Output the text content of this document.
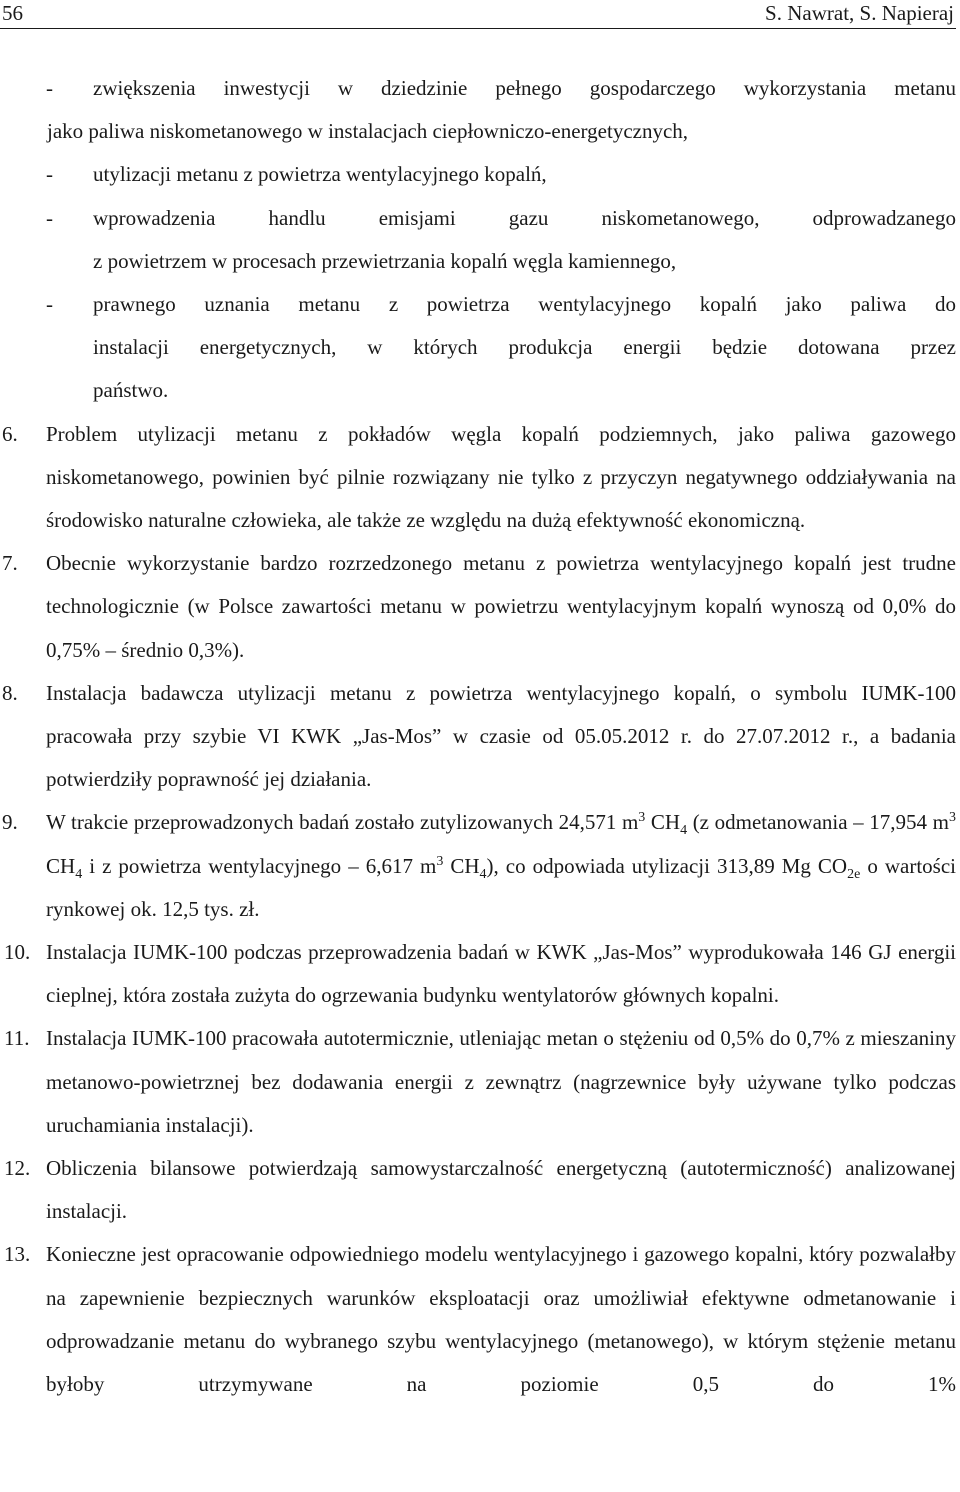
56	S. Nawrat, S. Napieraj
- zwiększenia inwestycji w dziedzinie pełnego gospodarczego wykorzystania metanu
jako paliwa niskometanowego w instalacjach ciepłowniczo-energetycznych,
- utylizacji metanu z powietrza wentylacyjnego kopalń,
- wprowadzenia handlu emisjami gazu niskometanowego, odprowadzanego
z powietrzem w procesach przewietrzania kopalń węgla kamiennego,
- prawnego uznania metanu z powietrza wentylacyjnego kopalń jako paliwa do
instalacji energetycznych, w których produkcja energii będzie dotowana przez
państwo.
6. Problem utylizacji metanu z pokładów węgla kopalń podziemnych, jako paliwa gazowego niskometanowego, powinien być pilnie rozwiązany nie tylko z przyczyn negatywnego oddziaływania na środowisko naturalne człowieka, ale także ze względu na dużą efektywność ekonomiczną.
7. Obecnie wykorzystanie bardzo rozrzedzonego metanu z powietrza wentylacyjnego kopalń jest trudne technologicznie (w Polsce zawartości metanu w powietrzu wentylacyjnym kopalń wynoszą od 0,0% do 0,75% – średnio 0,3%).
8. Instalacja badawcza utylizacji metanu z powietrza wentylacyjnego kopalń, o symbolu IUMK-100 pracowała przy szybie VI KWK „Jas-Mos” w czasie od 05.05.2012 r. do 27.07.2012 r., a badania potwierdziły poprawność jej działania.
9. W trakcie przeprowadzonych badań zostało zutylizowanych 24,571 $m^3$ $CH_4$ (z odmetanowania – 17,954 $m^3$ $CH_4$ i z powietrza wentylacyjnego – 6,617 $m^3$ $CH_4$), co odpowiada utylizacji 313,89 Mg $CO_{2e}$ o wartości rynkowej ok. 12,5 tys. zł.
10. Instalacja IUMK-100 podczas przeprowadzenia badań w KWK „Jas-Mos” wyprodukowała 146 GJ energii cieplnej, która została zużyta do ogrzewania budynku wentylatorów głównych kopalni.
11. Instalacja IUMK-100 pracowała autotermicznie, utleniając metan o stężeniu od 0,5% do 0,7% z mieszaniny metanowo-powietrznej bez dodawania energii z zewnątrz (nagrzewnice były używane tylko podczas uruchamiania instalacji).
12. Obliczenia bilansowe potwierdzają samowystarczalność energetyczną (autotermiczność) analizowanej instalacji.
13. Konieczne jest opracowanie odpowiedniego modelu wentylacyjnego i gazowego kopalni, który pozwalałby na zapewnienie bezpiecznych warunków eksploatacji oraz umożliwiał efektywne odmetanowanie i odprowadzanie metanu do wybranego szybu wentylacyjnego (metanowego), w którym stężenie metanu byłoby utrzymywane na poziomie 0,5 do 1%
